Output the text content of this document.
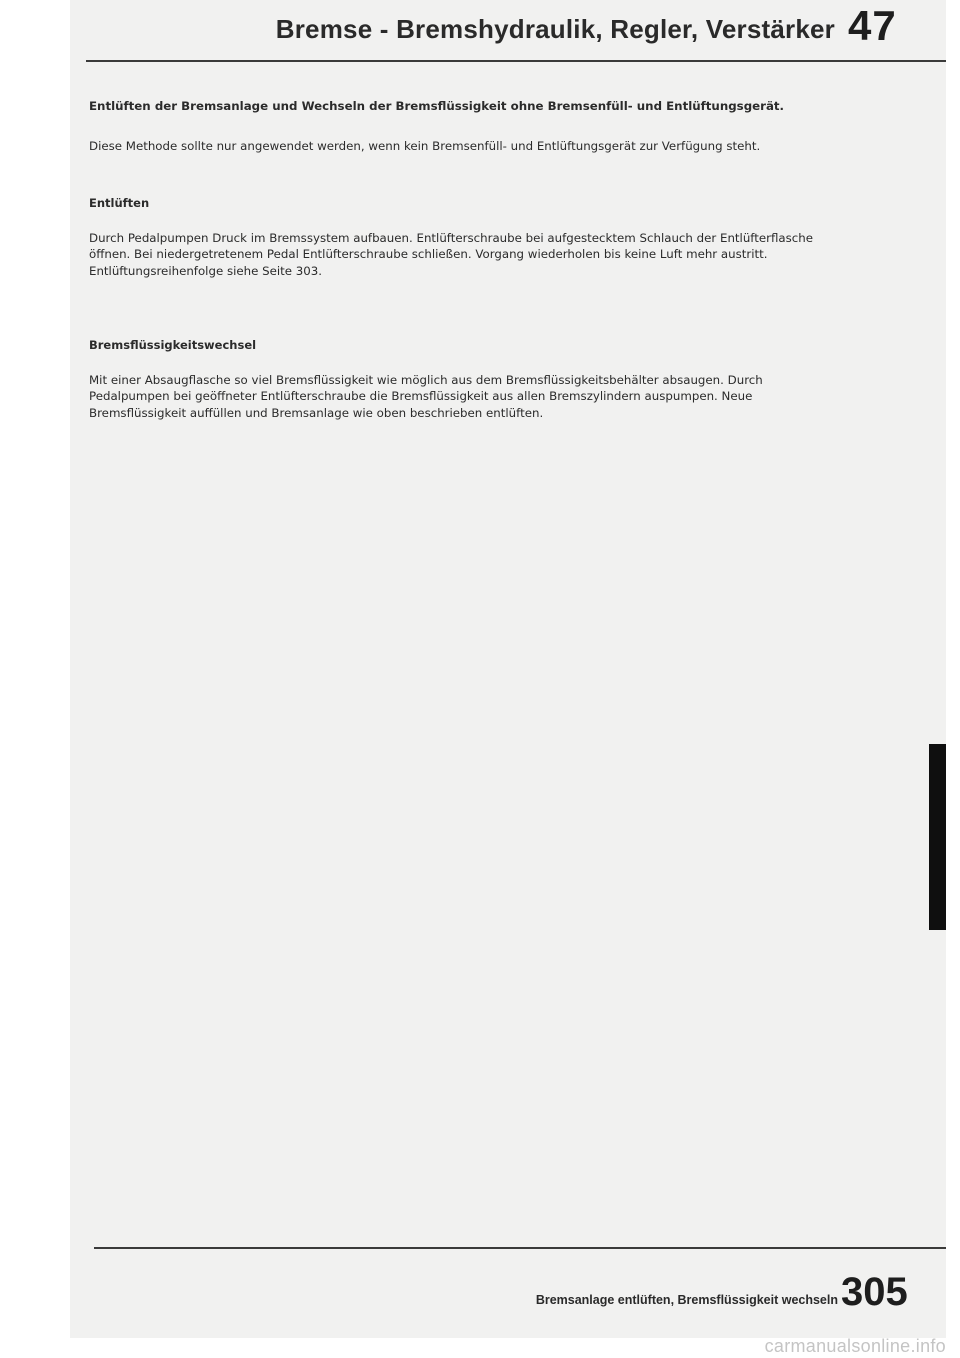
Bremse - Bremshydraulik, Regler, Verstärker 47

Entlüften der Bremsanlage und Wechseln der Bremsflüssigkeit ohne Bremsenfüll- und Entlüftungsgerät.

Diese Methode sollte nur angewendet werden, wenn kein Bremsenfüll- und Entlüftungsgerät zur Verfügung steht.

Entlüften

Durch Pedalpumpen Druck im Bremssystem aufbauen. Entlüfterschraube bei aufgestecktem Schlauch der Entlüfterflasche öffnen. Bei niedergetretenem Pedal Entlüfterschraube schließen. Vorgang wiederholen bis keine Luft mehr austritt. Entlüftungsreihenfolge siehe Seite 303.

Bremsflüssigkeitswechsel

Mit einer Absaugflasche so viel Bremsflüssigkeit wie möglich aus dem Bremsflüssigkeitsbehälter absaugen. Durch Pedalpumpen bei geöffneter Entlüfterschraube die Bremsflüssigkeit aus allen Bremszylindern auspumpen. Neue Bremsflüssigkeit auffüllen und Bremsanlage wie oben beschrieben entlüften.

Bremsanlage entlüften, Bremsflüssigkeit wechseln 305
carmanualsonline.info
